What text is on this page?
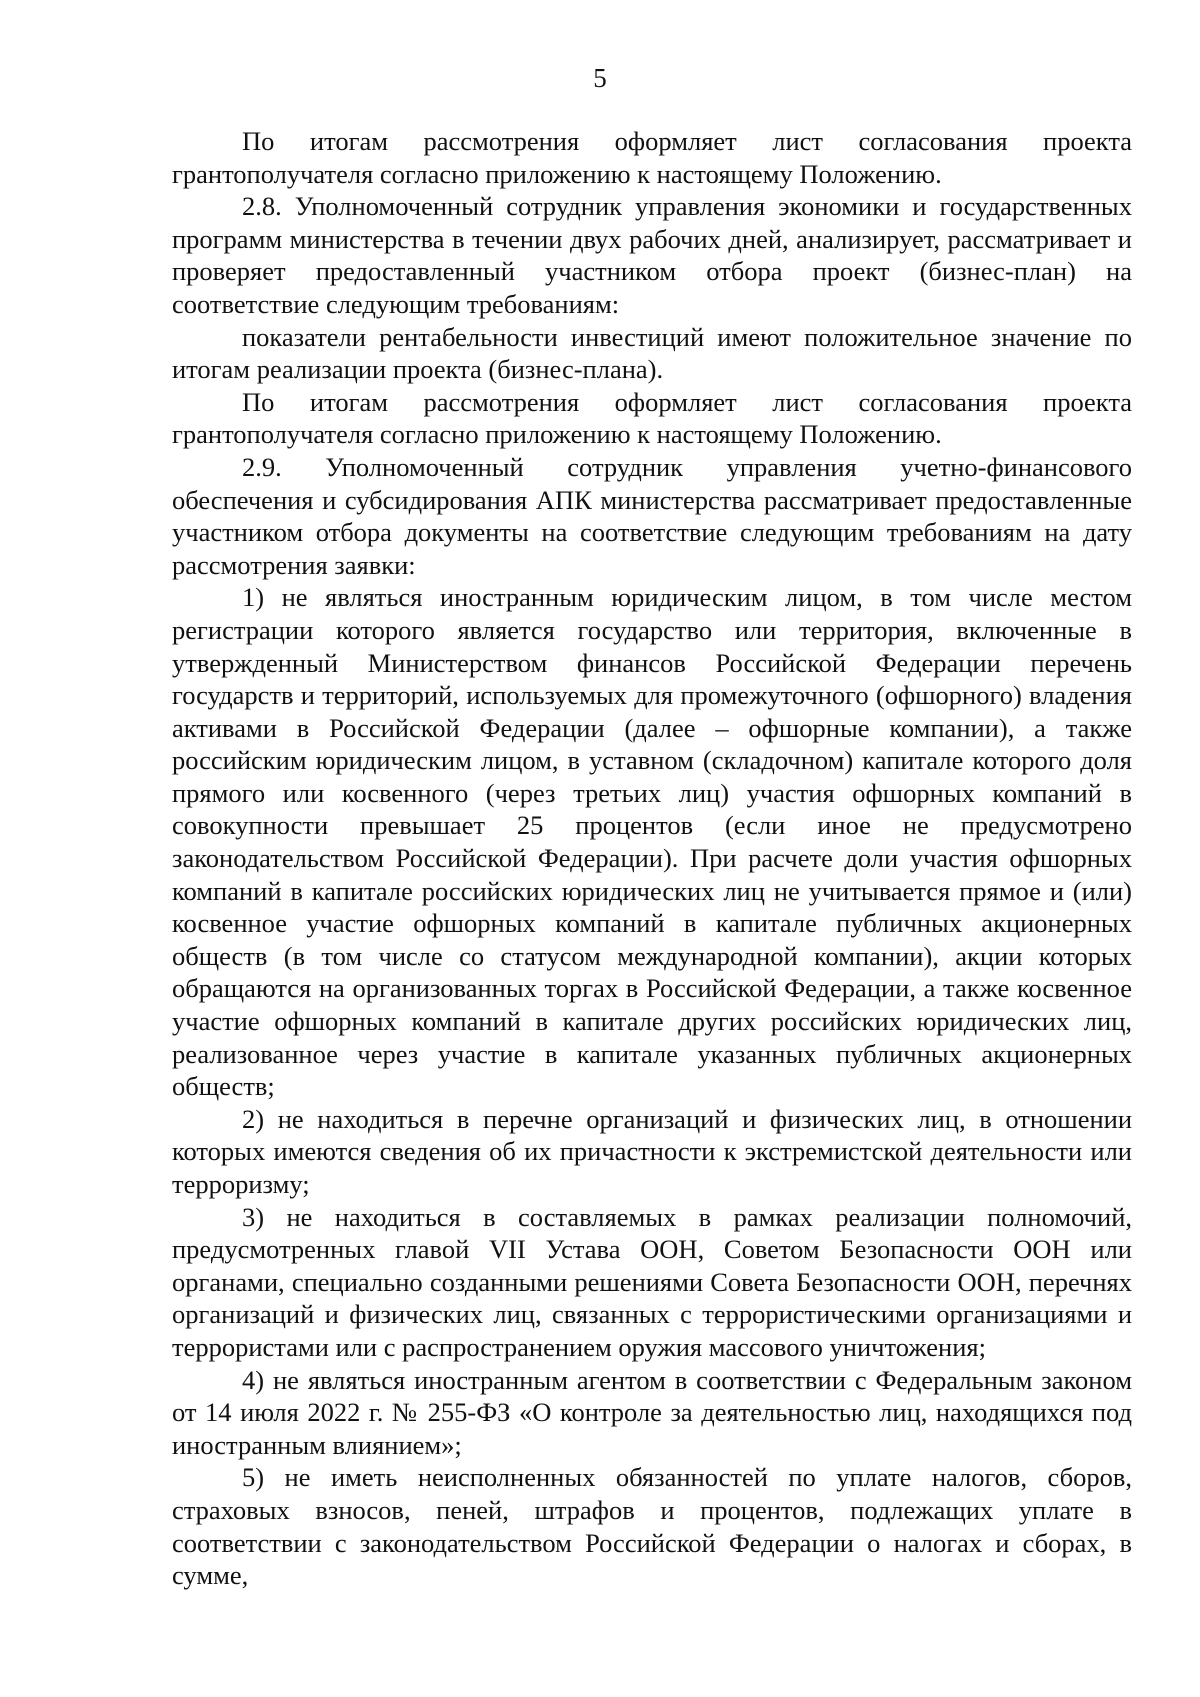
5

По итогам рассмотрения оформляет лист согласования проекта грантополучателя согласно приложению к настоящему Положению.

2.8. Уполномоченный сотрудник управления экономики и государственных программ министерства в течении двух рабочих дней, анализирует, рассматривает и проверяет предоставленный участником отбора проект (бизнес-план) на соответствие следующим требованиям:

показатели рентабельности инвестиций имеют положительное значение по итогам реализации проекта (бизнес-плана).

По итогам рассмотрения оформляет лист согласования проекта грантополучателя согласно приложению к настоящему Положению.

2.9. Уполномоченный сотрудник управления учетно-финансового обеспечения и субсидирования АПК министерства рассматривает предоставленные участником отбора документы на соответствие следующим требованиям на дату рассмотрения заявки:

1) не являться иностранным юридическим лицом, в том числе местом регистрации которого является государство или территория, включенные в утвержденный Министерством финансов Российской Федерации перечень государств и территорий, используемых для промежуточного (офшорного) владения активами в Российской Федерации (далее – офшорные компании), а также российским юридическим лицом, в уставном (складочном) капитале которого доля прямого или косвенного (через третьих лиц) участия офшорных компаний в совокупности превышает 25 процентов (если иное не предусмотрено законодательством Российской Федерации). При расчете доли участия офшорных компаний в капитале российских юридических лиц не учитывается прямое и (или) косвенное участие офшорных компаний в капитале публичных акционерных обществ (в том числе со статусом международной компании), акции которых обращаются на организованных торгах в Российской Федерации, а также косвенное участие офшорных компаний в капитале других российских юридических лиц, реализованное через участие в капитале указанных публичных акционерных обществ;

2) не находиться в перечне организаций и физических лиц, в отношении которых имеются сведения об их причастности к экстремистской деятельности или терроризму;

3) не находиться в составляемых в рамках реализации полномочий, предусмотренных главой VII Устава ООН, Советом Безопасности ООН или органами, специально созданными решениями Совета Безопасности ООН, перечнях организаций и физических лиц, связанных с террористическими организациями и террористами или с распространением оружия массового уничтожения;

4) не являться иностранным агентом в соответствии с Федеральным законом от 14 июля 2022 г. № 255-ФЗ «О контроле за деятельностью лиц, находящихся под иностранным влиянием»;

5) не иметь неисполненных обязанностей по уплате налогов, сборов, страховых взносов, пеней, штрафов и процентов, подлежащих уплате в соответствии с законодательством Российской Федерации о налогах и сборах, в сумме,
